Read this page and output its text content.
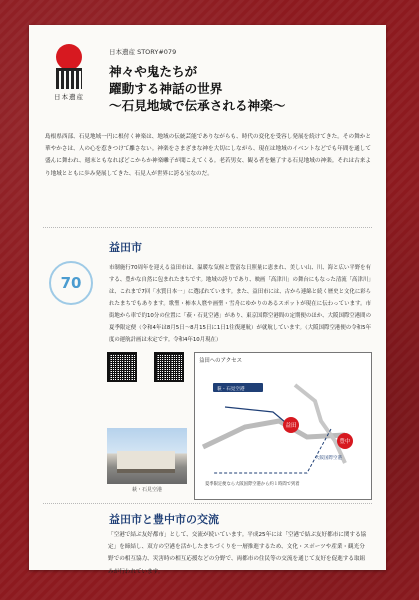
日本遺産
日本遺産 STORY#079
神々や鬼たちが
躍動する神話の世界
〜石見地域で伝承される神楽〜
島根県西部、石見地域一円に根付く神楽は、地域の伝統芸能でありながらも、時代の変化を受容し発展を続けてきた。その舞かと華やかさは、人の心を惹きつけて離さない。神楽をさまざまな神を大切にしながら、現在は地域のイベントなどでも年間を通して盛んに舞われ、週末ともなればどこからか神楽囃子が聞こえてくる。老若男女、観る者を魅了する石見地域の神楽。それは古来より地域とともに歩み発展してきた、石見人が世界に誇る宝なのだ。
益田市
70
市制施行70周年を迎える益田市は、温暖な気候と豊富な日照量に恵まれ、美しい山、川、海と広い平野を有する、豊かな自然に包まれたまちです。地域の誇りであり、映画「高津川」の舞台にもなった清流「高津川」は、これまで7回「水質日本一」に選ばれています。また、益田市には、古から連綿と続く歴史と文化に彩られたまちでもあります。歌聖・柿本人麿や画聖・雪舟にゆかりのあるスポットが現在に伝わっています。市街地から車で約10分の位置に「萩・石見空港」があり、東京国際空港間の定期便のほか、大阪国際空港間の夏季限定便（令和4年は8月5日〜8月15日に1日1往復運航）が就航しています。（大阪国際空港便の令和5年度の運航計画は未定です。令和4年10月現在）
萩・石見空港
益田へのアクセス
益田
豊中
萩・石見空港
大阪国際空港
夏季限定便なら大阪国際空港から約１時間で到着
益田市と豊中市の交流
「空港で結ぶ友好都市」として、交流が続いています。平成25年には「空港で結ぶ友好都市に関する協定」を締結し、双方の空港を活かしたまちづくりを一層推進するため、文化・スポーツや産業・観光分野での相互協力、災害時の相互応援などの分野で、両都市の住民等の交流を通じて友好を促進する取組みが行われています。
